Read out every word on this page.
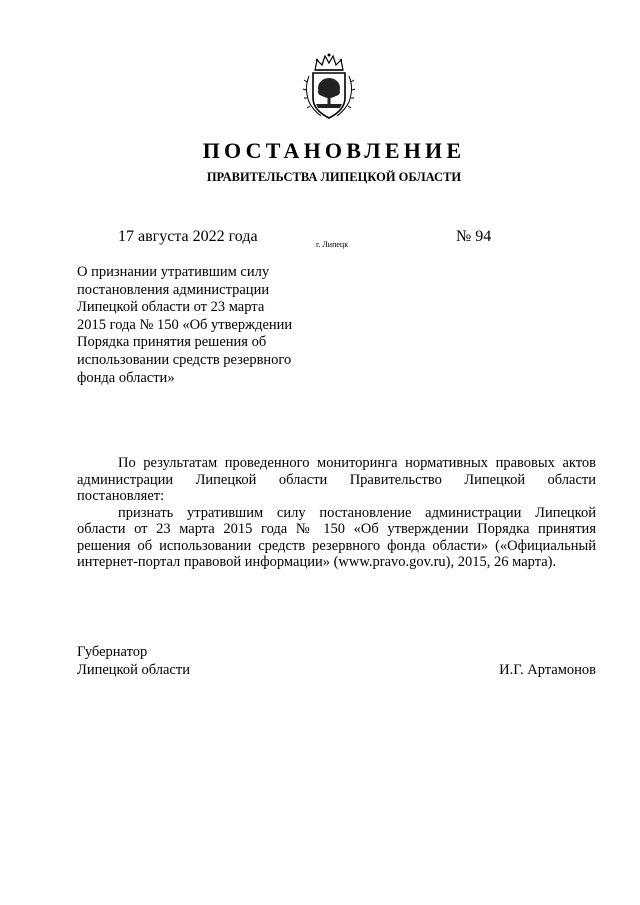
ПОСТАНОВЛЕНИЕ
ПРАВИТЕЛЬСТВА ЛИПЕЦКОЙ ОБЛАСТИ
17 августа 2022 года	г. Липецк	№ 94
О признании утратившим силу
постановления администрации
Липецкой области от 23 марта
2015 года № 150 «Об утверждении
Порядка принятия решения об
использовании средств резервного
фонда области»
По результатам проведенного мониторинга нормативных правовых актов
администрации Липецкой области Правительство Липецкой области
постановляет:
признать утратившим силу постановление администрации Липецкой
области от 23 марта 2015 года № 150 «Об утверждении Порядка принятия
решения об использовании средств резервного фонда области» («Официальный
интернет-портал правовой информации» (www.pravo.gov.ru), 2015, 26 марта).
Губернатор
Липецкой области	И.Г. Артамонов
